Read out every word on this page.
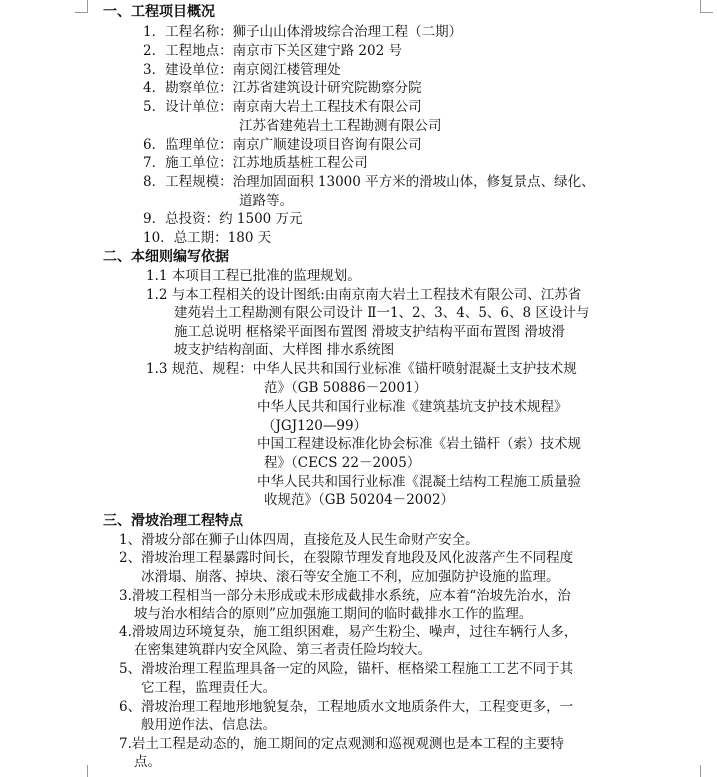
一、工程项目概况
1．工程名称：狮子山山体滑坡综合治理工程（二期）
2．工程地点：南京市下关区建宁路 202 号
3．建设单位：南京阅江楼管理处
4．勘察单位：江苏省建筑设计研究院勘察分院
5．设计单位：南京南大岩土工程技术有限公司
江苏省建苑岩土工程勘测有限公司
6．监理单位：南京广顺建设项目咨询有限公司
7．施工单位：江苏地质基桩工程公司
8．工程规模：治理加固面积 13000 平方米的滑坡山体，修复景点、绿化、
道路等。
9．总投资：约 1500 万元
10．总工期：180 天
二、本细则编写依据
1.1 本项目工程已批准的监理规划。
1.2 与本工程相关的设计图纸:由南京南大岩土工程技术有限公司、江苏省
建苑岩土工程勘测有限公司设计 Ⅱ一1、2、3、4、5、6、8 区设计与
施工总说明 框格梁平面图布置图 滑坡支护结构平面布置图 滑坡滑
坡支护结构剖面、大样图 排水系统图
1.3 规范、规程：中华人民共和国行业标准《锚杆喷射混凝土支护技术规
范》（GB 50886－2001）
中华人民共和国行业标准《建筑基坑支护技术规程》
（JGJ120—99）
中国工程建设标准化协会标准《岩土锚杆（索）技术规
程》（CECS 22－2005）
中华人民共和国行业标准《混凝土结构工程施工质量验
收规范》（GB 50204－2002）
三、滑坡治理工程特点
1、滑坡分部在狮子山体四周，直接危及人民生命财产安全。
2、滑坡治理工程暴露时间长，在裂隙节理发育地段及风化波落产生不同程度
冰滑塌、崩落、掉块、滚石等安全施工不利，应加强防护设施的监理。
3.滑坡工程相当一部分未形成或未形成截排水系统，应本着“治坡先治水，治
坡与治水相结合的原则”应加强施工期间的临时截排水工作的监理。
4.滑坡周边环境复杂，施工组织困难，易产生粉尘、噪声，过往车辆行人多，
在密集建筑群内安全风险、第三者责任险均较大。
5、滑坡治理工程监理具备一定的风险，锚杆、框格梁工程施工工艺不同于其
它工程，监理责任大。
6、滑坡治理工程地形地貌复杂，工程地质水文地质条件大，工程变更多，一
般用逆作法、信息法。
7.岩土工程是动态的，施工期间的定点观测和巡视观测也是本工程的主要特
点。
